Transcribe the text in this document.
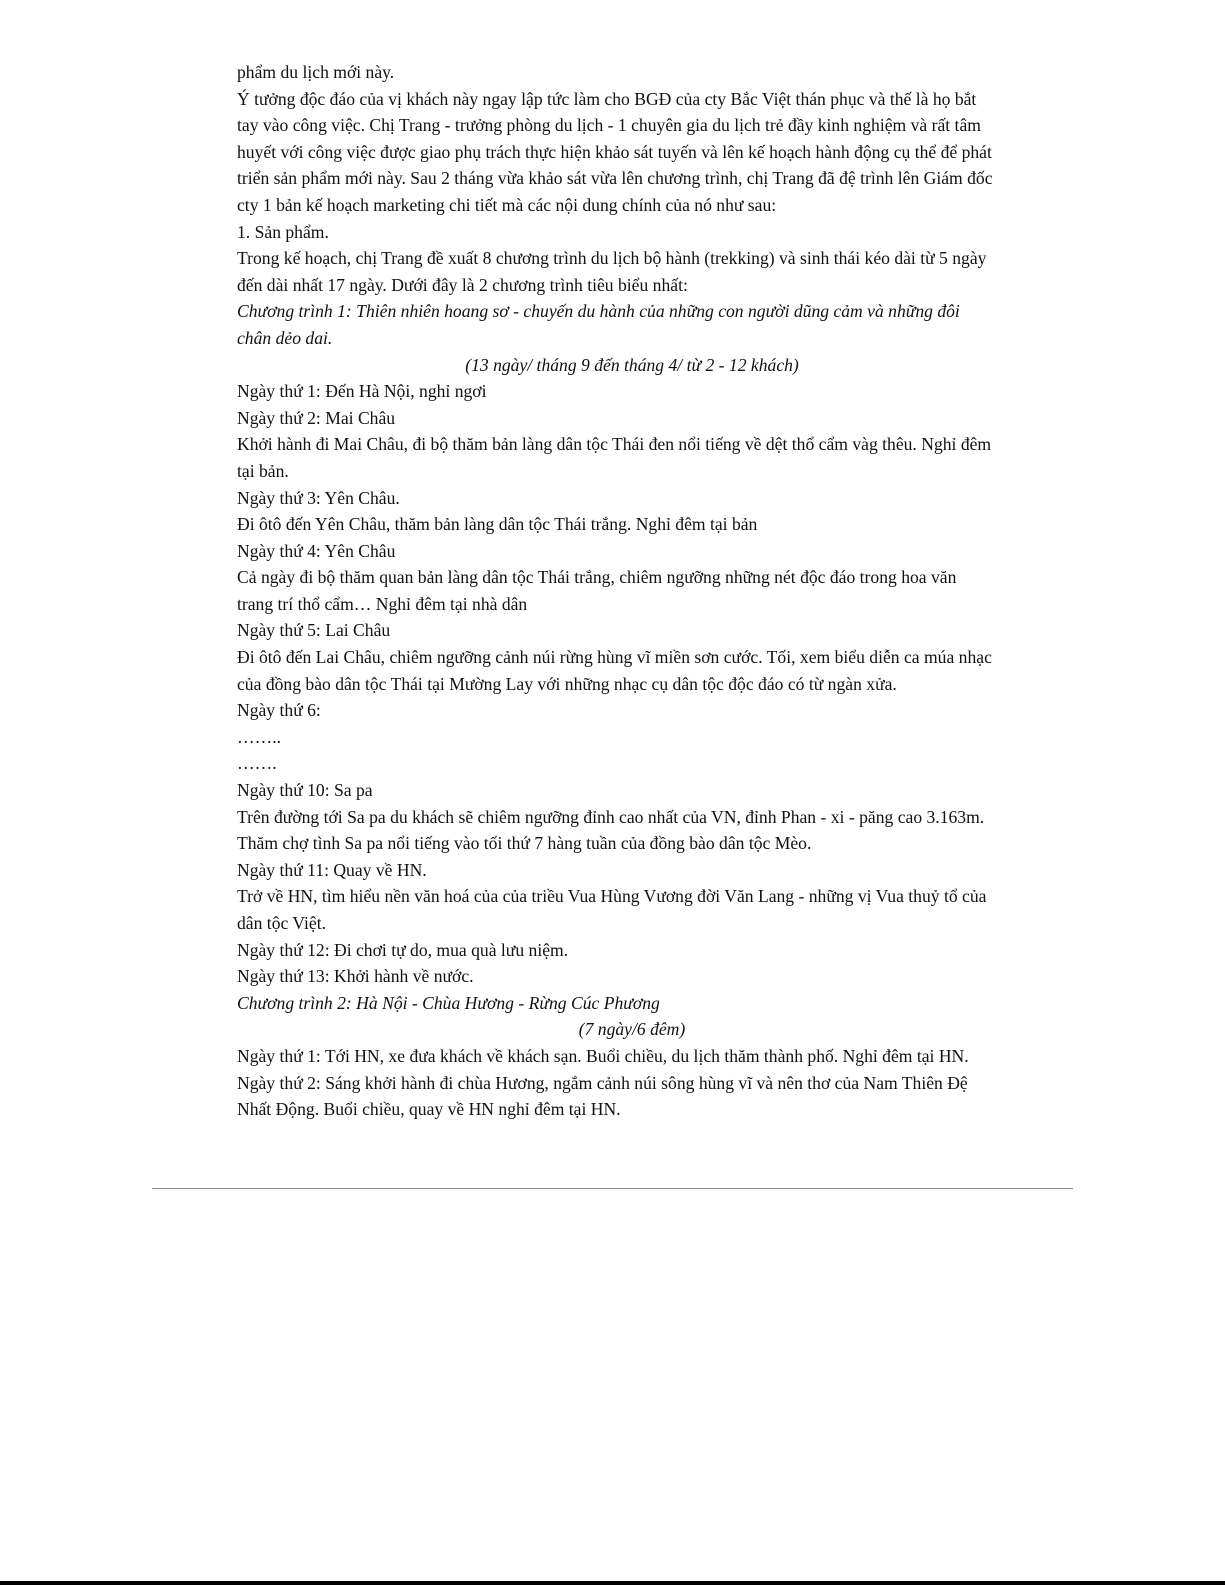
phẩm du lịch mới này.

Ý tưởng độc đáo của vị khách này ngay lập tức làm cho BGĐ của cty Bắc Việt thán phục và thế là họ bắt

tay vào công việc. Chị Trang - trưởng phòng du lịch - 1 chuyên gia du lịch trẻ đầy kinh nghiệm và rất tâm

huyết với công việc được giao phụ trách thực hiện khảo sát tuyến và lên kế hoạch hành động cụ thể để phát

triển sản phẩm mới này. Sau 2 tháng vừa khảo sát vừa lên chương trình, chị Trang đã đệ trình lên Giám đốc

cty 1 bản kế hoạch marketing chi tiết mà các nội dung chính của nó như sau:

1. Sản phẩm.

Trong kế hoạch, chị Trang đề xuất 8 chương trình du lịch bộ hành (trekking) và sinh thái kéo dài từ 5 ngày

đến dài nhất 17 ngày. Dưới đây là 2 chương trình tiêu biểu nhất:

Chương trình 1: Thiên nhiên hoang sơ - chuyến du hành của những con người dũng cảm và những đôi

chân dẻo dai.

(13 ngày/ tháng 9 đến tháng 4/ từ 2 - 12 khách)

Ngày thứ 1: Đến Hà Nội, nghỉ ngơi

Ngày thứ 2: Mai Châu

Khởi hành đi Mai Châu, đi bộ thăm bản làng dân tộc Thái đen nổi tiếng về dệt thổ cẩm vàg thêu. Nghỉ đêm

tại bản.

Ngày thứ 3: Yên Châu.

Đi ôtô đến Yên Châu, thăm bản làng dân tộc Thái trắng. Nghỉ đêm tại bản

Ngày thứ 4: Yên Châu

Cả ngày đi bộ thăm quan bản làng dân tộc Thái trắng, chiêm ngưỡng những nét độc đáo trong hoa văn

trang trí thổ cẩm… Nghỉ đêm tại nhà dân

Ngày thứ 5: Lai Châu

Đi ôtô đến Lai Châu, chiêm ngưỡng cảnh núi rừng hùng vĩ miền sơn cước. Tối, xem biểu diễn ca múa nhạc

của đồng bào dân tộc Thái tại Mường Lay với những nhạc cụ dân tộc độc đáo có từ ngàn xửa.

Ngày thứ 6:

……..

…….

Ngày thứ 10: Sa pa

Trên đường tới Sa pa du khách sẽ chiêm ngưỡng đỉnh cao nhất của VN, đỉnh Phan - xi - păng cao 3.163m.

Thăm chợ tình Sa pa nổi tiếng vào tối thứ 7 hàng tuần của đồng bào dân tộc Mèo.

Ngày thứ 11: Quay về HN.

Trở về HN, tìm hiểu nền văn hoá của của triều Vua Hùng Vương đời Văn Lang - những vị Vua thuỷ tổ của

dân tộc Việt.

Ngày thứ 12: Đi chơi tự do, mua quà lưu niệm.

Ngày thứ 13: Khởi hành về nước.

Chương trình 2: Hà Nội - Chùa Hương - Rừng Cúc Phương

(7 ngày/6 đêm)

Ngày thứ 1: Tới HN, xe đưa khách về khách sạn. Buổi chiều, du lịch thăm thành phố. Nghỉ đêm tại HN.

Ngày thứ 2: Sáng khởi hành đi chùa Hương, ngắm cảnh núi sông hùng vĩ và nên thơ của Nam Thiên Đệ

Nhất Động. Buổi chiều, quay về HN nghỉ đêm tại HN.
